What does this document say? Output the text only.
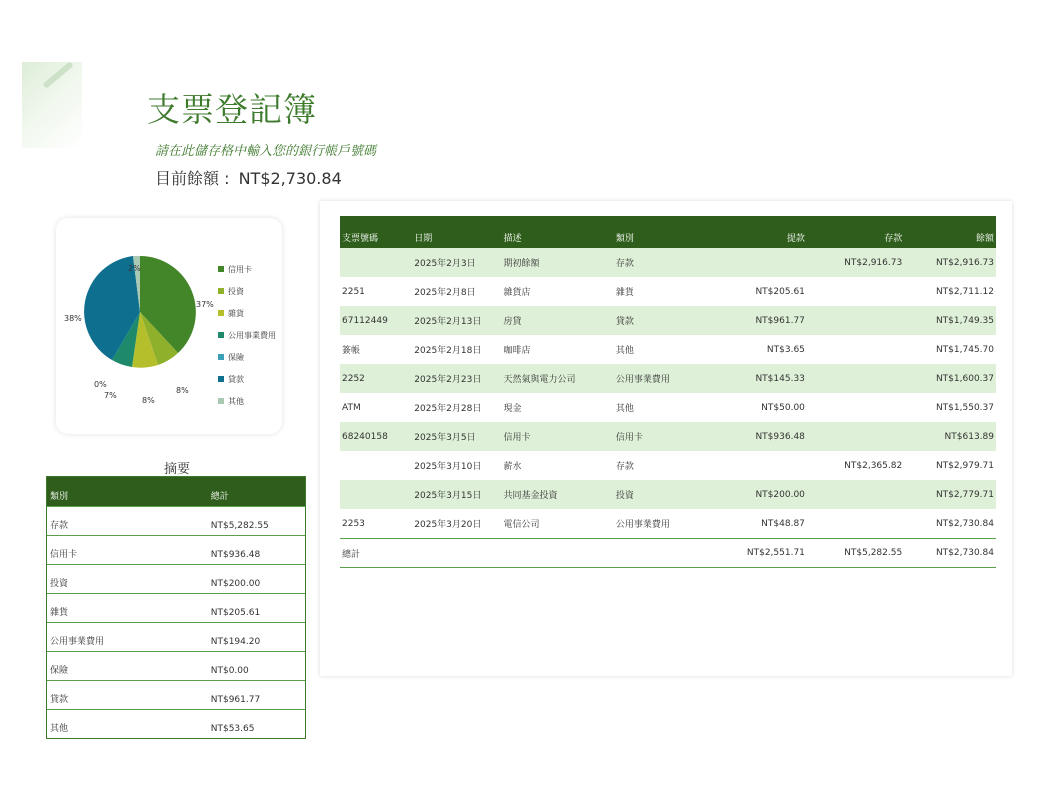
支票登記簿
請在此儲存格中輸入您的銀行帳戶號碼
目前餘額 : NT$2,730.84
2%
37%
38%
0%
7%
8%
8%
信用卡
投資
雜貨
公用事業費用
保險
貸款
其他
摘要
類別	總計
存款	NT$5,282.55
信用卡	NT$936.48
投資	NT$200.00
雜貨	NT$205.61
公用事業費用	NT$194.20
保險	NT$0.00
貸款	NT$961.77
其他	NT$53.65
支票號碼	日期	描述	類別	提款	存款	餘額
	2025年2月3日	期初餘額	存款		NT$2,916.73	NT$2,916.73
2251	2025年2月8日	雜貨店	雜貨	NT$205.61		NT$2,711.12
67112449	2025年2月13日	房貸	貸款	NT$961.77		NT$1,749.35
簽帳	2025年2月18日	咖啡店	其他	NT$3.65		NT$1,745.70
2252	2025年2月23日	天然氣與電力公司	公用事業費用	NT$145.33		NT$1,600.37
ATM	2025年2月28日	現金	其他	NT$50.00		NT$1,550.37
68240158	2025年3月5日	信用卡	信用卡	NT$936.48		NT$613.89
	2025年3月10日	薪水	存款		NT$2,365.82	NT$2,979.71
	2025年3月15日	共同基金投資	投資	NT$200.00		NT$2,779.71
2253	2025年3月20日	電信公司	公用事業費用	NT$48.87		NT$2,730.84
總計				NT$2,551.71	NT$5,282.55	NT$2,730.84
